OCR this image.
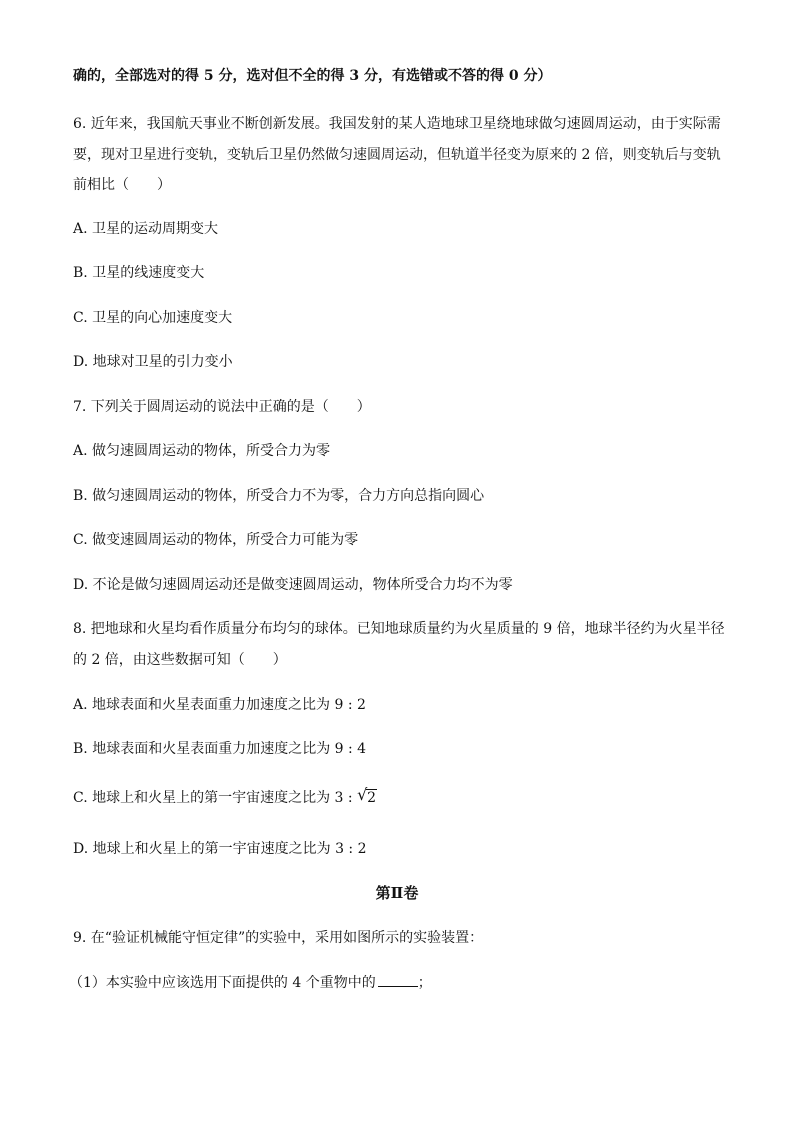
确的，全部选对的得 5 分，选对但不全的得 3 分，有选错或不答的得 0 分）
6. 近年来，我国航天事业不断创新发展。我国发射的某人造地球卫星绕地球做匀速圆周运动，由于实际需
要，现对卫星进行变轨，变轨后卫星仍然做匀速圆周运动，但轨道半径变为原来的 2 倍，则变轨后与变轨
前相比（　　）
A. 卫星的运动周期变大
B. 卫星的线速度变大
C. 卫星的向心加速度变大
D. 地球对卫星的引力变小
7. 下列关于圆周运动的说法中正确的是（　　）
A. 做匀速圆周运动的物体，所受合力为零
B. 做匀速圆周运动的物体，所受合力不为零，合力方向总指向圆心
C. 做变速圆周运动的物体，所受合力可能为零
D. 不论是做匀速圆周运动还是做变速圆周运动，物体所受合力均不为零
8. 把地球和火星均看作质量分布均匀的球体。已知地球质量约为火星质量的 9 倍，地球半径约为火星半径
的 2 倍，由这些数据可知（　　）
A. 地球表面和火星表面重力加速度之比为 9 : 2
B. 地球表面和火星表面重力加速度之比为 9 : 4
C. 地球上和火星上的第一宇宙速度之比为 3 : √ 2
D. 地球上和火星上的第一宇宙速度之比为 3 : 2
第Ⅱ卷
9. 在“验证机械能守恒定律”的实验中，采用如图所示的实验装置：
（1）本实验中应该选用下面提供的 4 个重物中的	；
